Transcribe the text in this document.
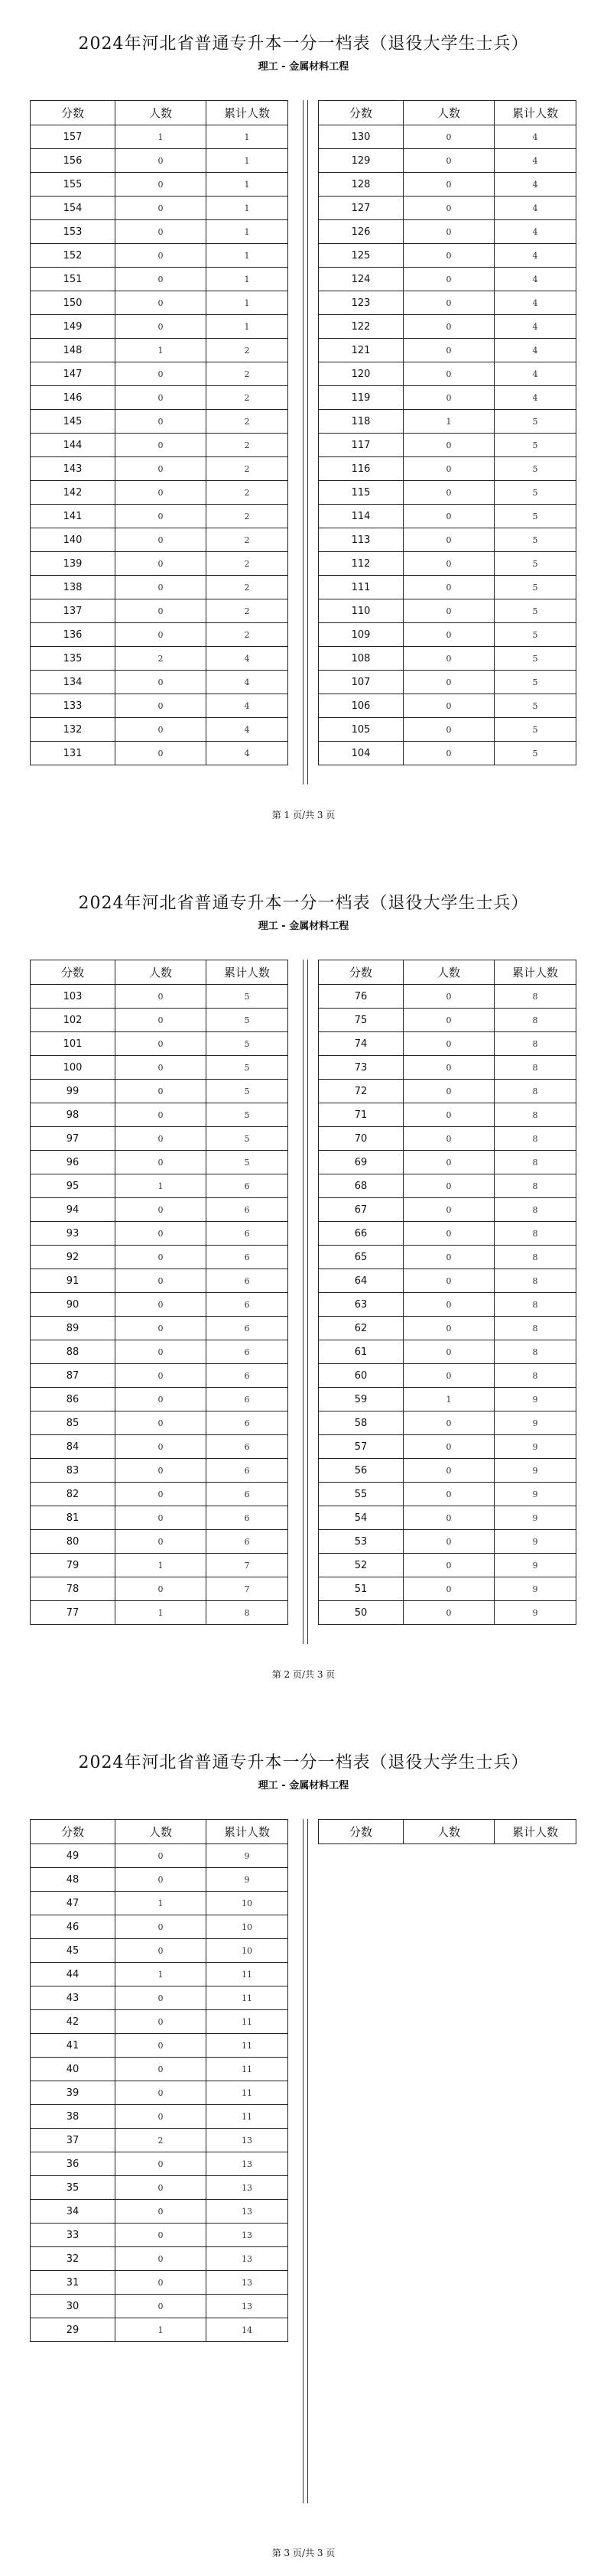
2024年河北省普通专升本一分一档表（退役大学生士兵）
理工 - 金属材料工程
分数	人数	累计人数
157	1	1
156	0	1
155	0	1
154	0	1
153	0	1
152	0	1
151	0	1
150	0	1
149	0	1
148	1	2
147	0	2
146	0	2
145	0	2
144	0	2
143	0	2
142	0	2
141	0	2
140	0	2
139	0	2
138	0	2
137	0	2
136	0	2
135	2	4
134	0	4
133	0	4
132	0	4
131	0	4
分数	人数	累计人数
130	0	4
129	0	4
128	0	4
127	0	4
126	0	4
125	0	4
124	0	4
123	0	4
122	0	4
121	0	4
120	0	4
119	0	4
118	1	5
117	0	5
116	0	5
115	0	5
114	0	5
113	0	5
112	0	5
111	0	5
110	0	5
109	0	5
108	0	5
107	0	5
106	0	5
105	0	5
104	0	5
第 1 页/共 3 页
2024年河北省普通专升本一分一档表（退役大学生士兵）
理工 - 金属材料工程
分数	人数	累计人数
103	0	5
102	0	5
101	0	5
100	0	5
99	0	5
98	0	5
97	0	5
96	0	5
95	1	6
94	0	6
93	0	6
92	0	6
91	0	6
90	0	6
89	0	6
88	0	6
87	0	6
86	0	6
85	0	6
84	0	6
83	0	6
82	0	6
81	0	6
80	0	6
79	1	7
78	0	7
77	1	8
分数	人数	累计人数
76	0	8
75	0	8
74	0	8
73	0	8
72	0	8
71	0	8
70	0	8
69	0	8
68	0	8
67	0	8
66	0	8
65	0	8
64	0	8
63	0	8
62	0	8
61	0	8
60	0	8
59	1	9
58	0	9
57	0	9
56	0	9
55	0	9
54	0	9
53	0	9
52	0	9
51	0	9
50	0	9
第 2 页/共 3 页
2024年河北省普通专升本一分一档表（退役大学生士兵）
理工 - 金属材料工程
分数	人数	累计人数
49	0	9
48	0	9
47	1	10
46	0	10
45	0	10
44	1	11
43	0	11
42	0	11
41	0	11
40	0	11
39	0	11
38	0	11
37	2	13
36	0	13
35	0	13
34	0	13
33	0	13
32	0	13
31	0	13
30	0	13
29	1	14
分数	人数	累计人数
第 3 页/共 3 页
